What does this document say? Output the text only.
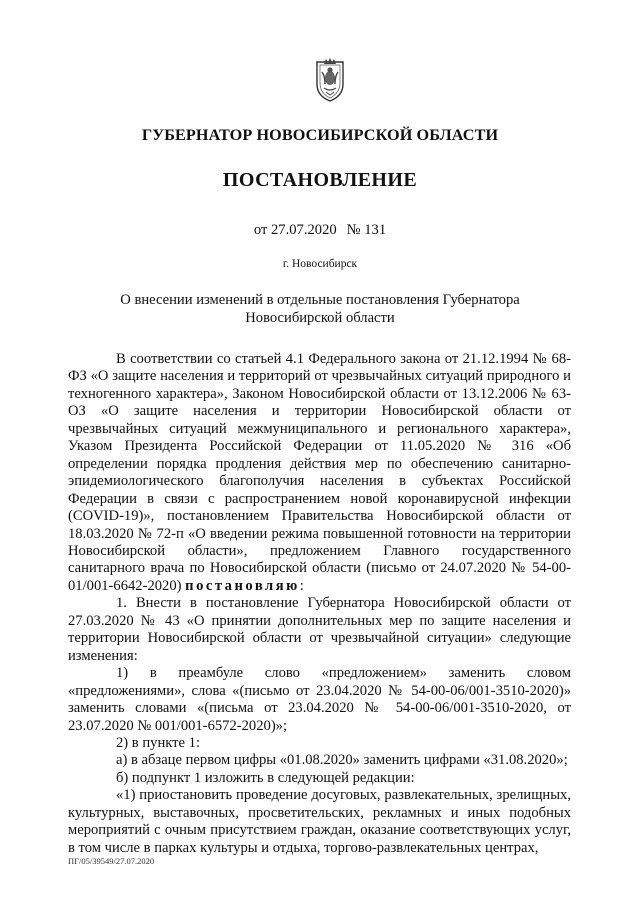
ГУБЕРНАТОР НОВОСИБИРСКОЙ ОБЛАСТИ
ПОСТАНОВЛЕНИЕ
от 27.07.2020 № 131
г. Новосибирск
О внесении изменений в отдельные постановления Губернатора
Новосибирской области

В соответствии со статьей 4.1 Федерального закона от 21.12.1994 № 68-ФЗ «О защите населения и территорий от чрезвычайных ситуаций природного и техногенного характера», Законом Новосибирской области от 13.12.2006 № 63-ОЗ «О защите населения и территории Новосибирской области от чрезвычайных ситуаций межмуниципального и регионального характера», Указом Президента Российской Федерации от 11.05.2020 № 316 «Об определении порядка продления действия мер по обеспечению санитарно-эпидемиологического благополучия населения в субъектах Российской Федерации в связи с распространением новой коронавирусной инфекции (COVID-19)», постановлением Правительства Новосибирской области от 18.03.2020 № 72-п «О введении режима повышенной готовности на территории Новосибирской области», предложением Главного государственного санитарного врача по Новосибирской области (письмо от 24.07.2020 № 54-00-01/001-6642-2020) постановляю:

1. Внести в постановление Губернатора Новосибирской области от 27.03.2020 № 43 «О принятии дополнительных мер по защите населения и территории Новосибирской области от чрезвычайной ситуации» следующие изменения:

1) в преамбуле слово «предложением» заменить словом «предложениями», слова «(письмо от 23.04.2020 № 54-00-06/001-3510-2020)» заменить словами «(письма от 23.04.2020 № 54-00-06/001-3510-2020, от 23.07.2020 № 001/001-6572-2020)»;

2) в пункте 1:

а) в абзаце первом цифры «01.08.2020» заменить цифрами «31.08.2020»;

б) подпункт 1 изложить в следующей редакции:

«1) приостановить проведение досуговых, развлекательных, зрелищных, культурных, выставочных, просветительских, рекламных и иных подобных мероприятий с очным присутствием граждан, оказание соответствующих услуг, в том числе в парках культуры и отдыха, торгово-развлекательных центрах,

ПГ/05/39549/27.07.2020
